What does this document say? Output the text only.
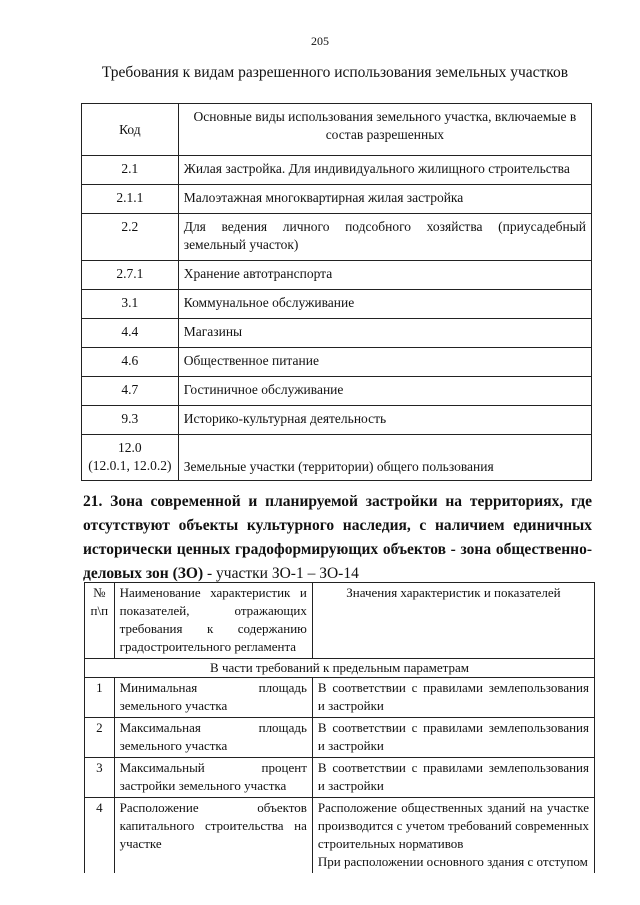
205
Требования к видам разрешенного использования земельных участков
Код	Основные виды использования земельного участка, включаемые в состав разрешенных
2.1	Жилая застройка. Для индивидуального жилищного строительства
2.1.1	Малоэтажная многоквартирная жилая застройка
2.2	Для ведения личного подсобного хозяйства (приусадебный земельный участок)
2.7.1	Хранение автотранспорта
3.1	Коммунальное обслуживание
4.4	Магазины
4.6	Общественное питание
4.7	Гостиничное обслуживание
9.3	Историко-культурная деятельность

12.0
(12.0.1, 12.0.2)	Земельные участки (территории) общего пользования
21. Зона современной и планируемой застройки на территориях, где отсутствуют объекты культурного наследия, с наличием единичных исторически ценных градоформирующих объектов - зона общественно-деловых зон (ЗО) - участки ЗО-1 – ЗО-14
№ п\п	Наименование характеристик и показателей, отражающих требования к содержанию градостроительного регламента	Значения характеристик и показателей
В части требований к предельным параметрам		
1	Минимальная площадь земельного участка	В соответствии с правилами землепользования и застройки
2	Максимальная площадь земельного участка	В соответствии с правилами землепользования и застройки
3	Максимальный процент застройки земельного участка	В соответствии с правилами землепользования и застройки
4	Расположение объектов капитального строительства на участке	Расположение общественных зданий на участке производится с учетом требований современных строительных нормативов
При расположении основного здания с отступом
